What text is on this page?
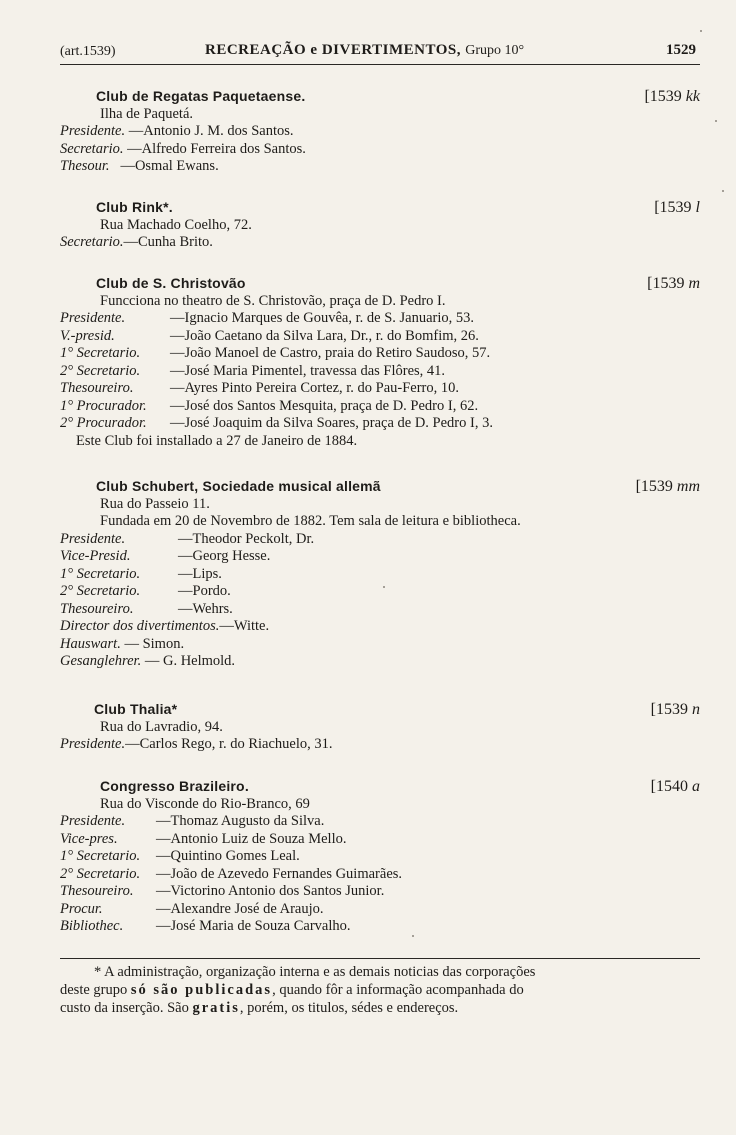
(art.1539)	RECREAÇÃO e DIVERTIMENTOS, Grupo 10°	1529
Club de Regatas Paquetaense.	[1539 kk
Ilha de Paquetá.
Presidente. —Antonio J. M. dos Santos.
Secretario. —Alfredo Ferreira dos Santos.
Thesour. —Osmal Ewans.
Club Rink*.	[1539 l
Rua Machado Coelho, 72.
Secretario.—Cunha Brito.
Club de S. Christovão	[1539 m
Funcciona no theatro de S. Christovão, praça de D. Pedro I.
Presidente.	—Ignacio Marques de Gouvêa, r. de S. Januario, 53.
V.-presid.	—João Caetano da Silva Lara, Dr., r. do Bomfim, 26.
1° Secretario. —João Manoel de Castro, praia do Retiro Saudoso, 57.
2° Secretario. —José Maria Pimentel, travessa das Flôres, 41.
Thesoureiro.	—Ayres Pinto Pereira Cortez, r. do Pau-Ferro, 10.
1° Procurador. —José dos Santos Mesquita, praça de D. Pedro I, 62.
2° Procurador. —José Joaquim da Silva Soares, praça de D. Pedro I, 3.
Este Club foi installado a 27 de Janeiro de 1884.
Club Schubert, Sociedade musical allemã	[1539 mm
Rua do Passeio 11.
Fundada em 20 de Novembro de 1882. Tem sala de leitura e bibliotheca.
Presidente.	—Theodor Peckolt, Dr.
Vice-Presid.	—Georg Hesse.
1° Secretario.	—Lips.
2° Secretario.	—Pordo.
Thesoureiro.	—Wehrs.
Director dos divertimentos.—Witte.
Hauswart. — Simon.
Gesanglehrer. — G. Helmold.
Club Thalia*	[1539 n
Rua do Lavradio, 94.
Presidente.—Carlos Rego, r. do Riachuelo, 31.
Congresso Brazileiro.	[1540 a
Rua do Visconde do Rio-Branco, 69
Presidente. —Thomaz Augusto da Silva.
Vice-pres.	—Antonio Luiz de Souza Mello.
1° Secretario. —Quintino Gomes Leal.
2° Secretario. —João de Azevedo Fernandes Guimarães.
Thesoureiro. —Victorino Antonio dos Santos Junior.
Procur.	—Alexandre José de Araujo.
Bibliothec. —José Maria de Souza Carvalho.
* A administração, organização interna e as demais noticias das corporações
deste grupo só são publicadas, quando fôr a informação acompanhada do
custo da inserção. São gratis, porém, os titulos, sédes e endereços.
